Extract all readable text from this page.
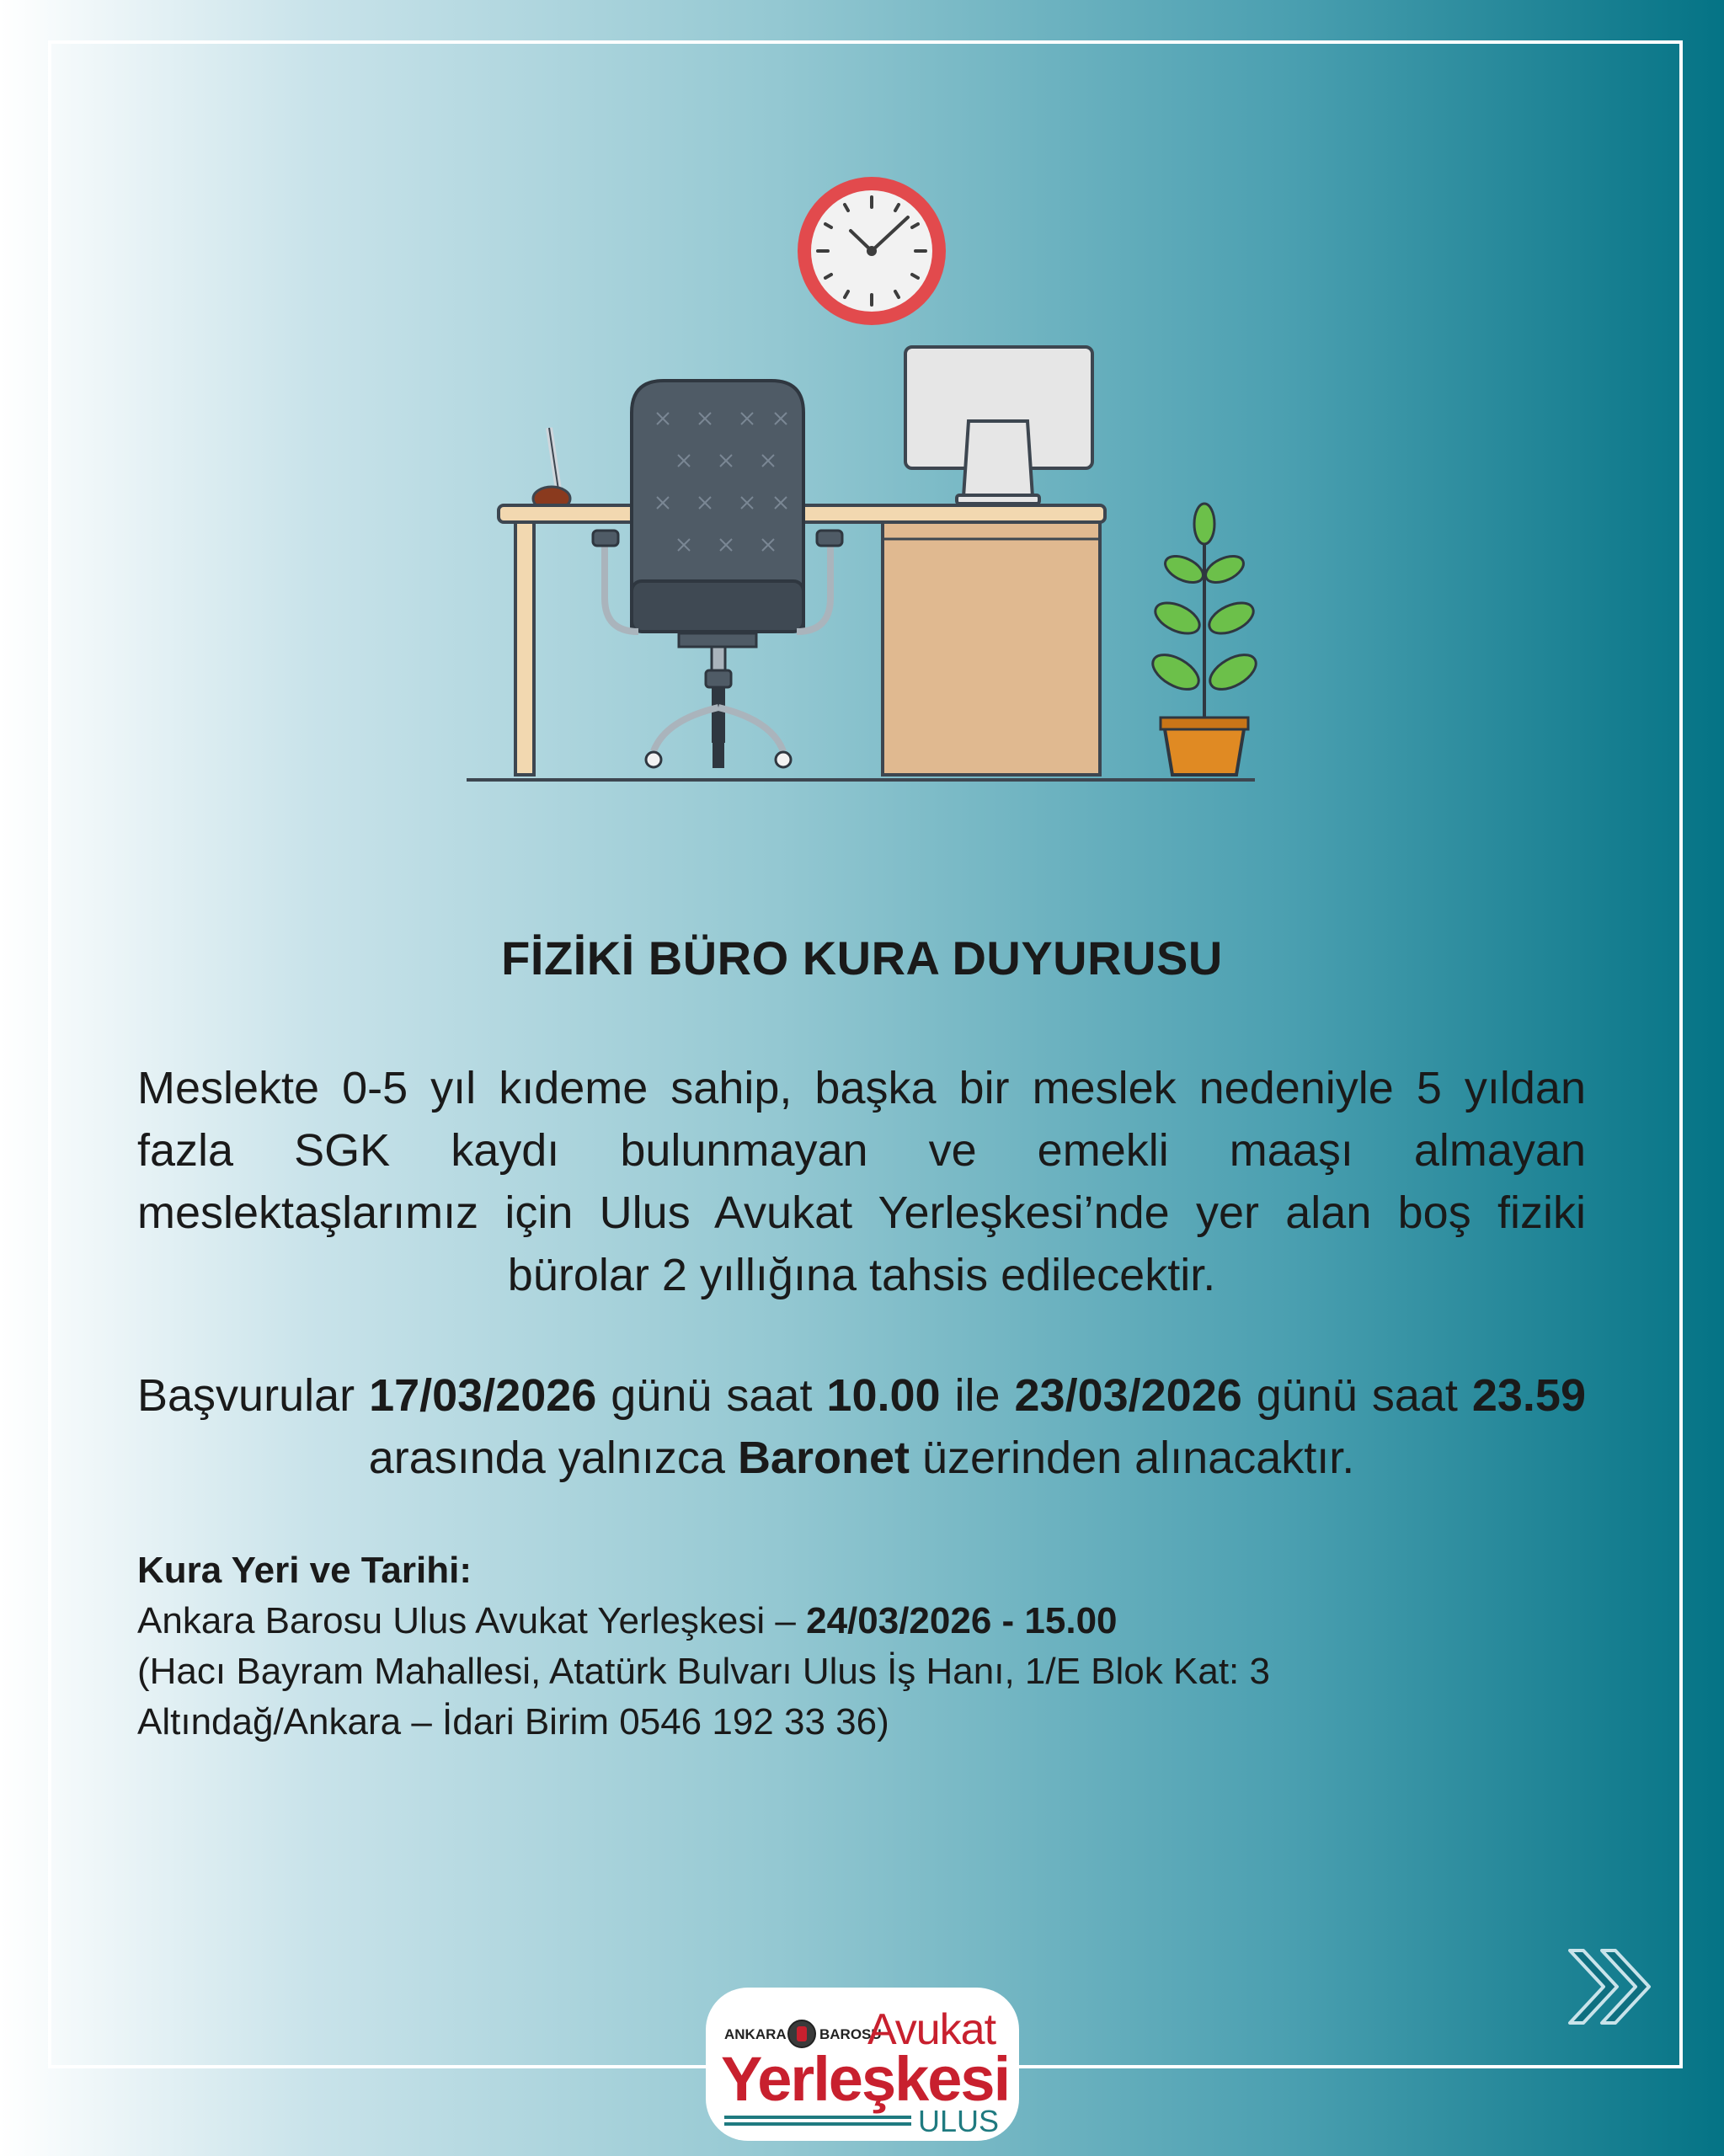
FİZİKİ BÜRO KURA DUYURUSU
Meslekte 0-5 yıl kıdeme sahip, başka bir meslek nedeniyle 5 yıldan fazla SGK kaydı bulunmayan ve emekli maaşı almayan meslektaşlarımız için Ulus Avukat Yerleşkesi’nde yer alan boş fiziki bürolar 2 yıllığına tahsis edilecektir.
Başvurular 17/03/2026 günü saat 10.00 ile 23/03/2026 günü saat 23.59 arasında yalnızca Baronet üzerinden alınacaktır.
Kura Yeri ve Tarihi:
Ankara Barosu Ulus Avukat Yerleşkesi – 24/03/2026 - 15.00
(Hacı Bayram Mahallesi, Atatürk Bulvarı Ulus İş Hanı, 1/E Blok Kat: 3
Altındağ/Ankara – İdari Birim 0546 192 33 36)
ANKARA BAROSU
Avukat
Yerleşkesi
ULUS
